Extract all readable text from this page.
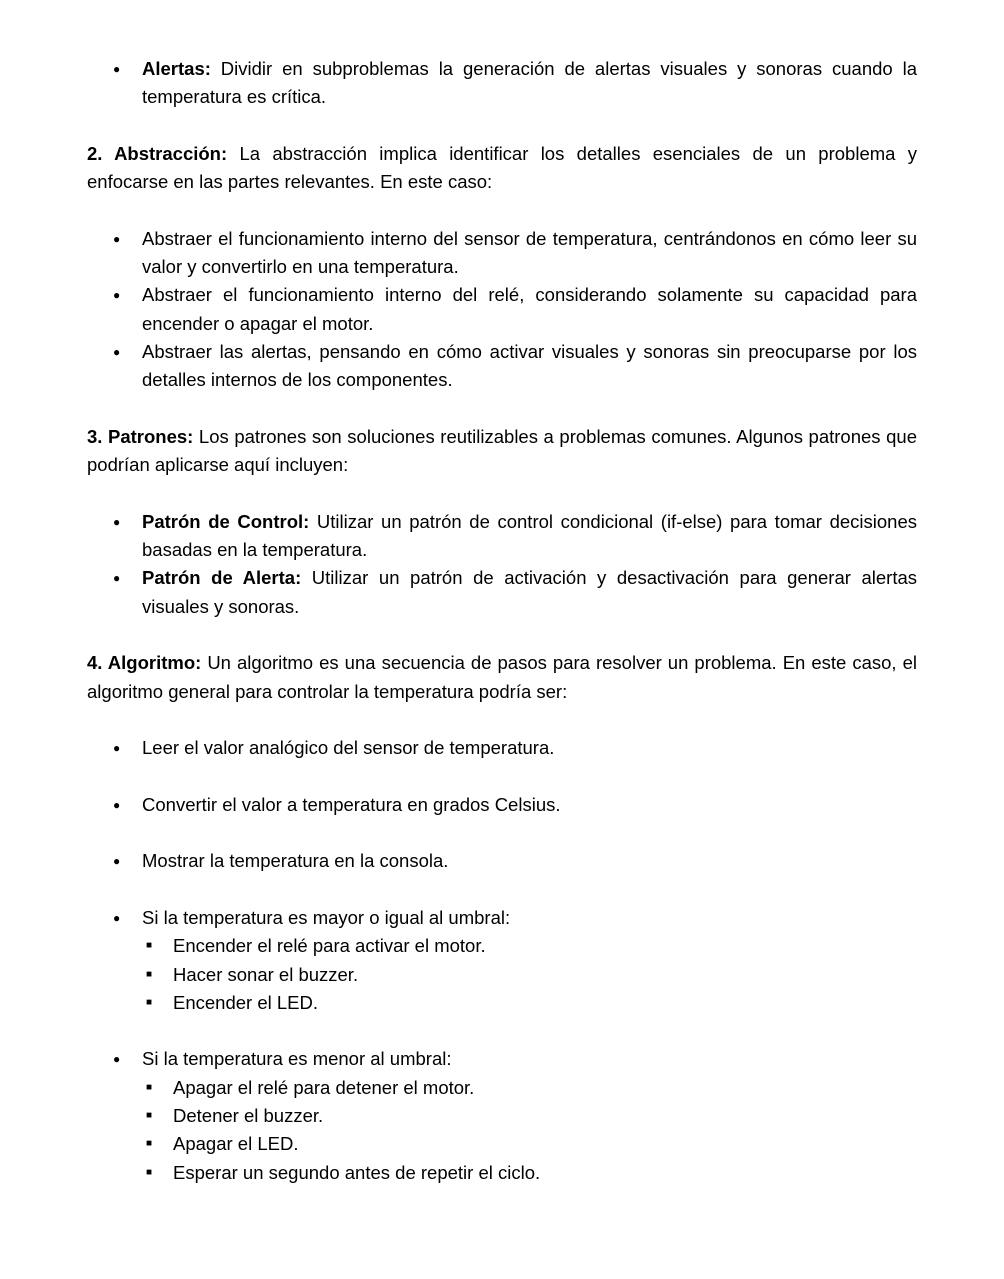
● Alertas: Dividir en subproblemas la generación de alertas visuales y sonoras cuando la temperatura es crítica.

2. Abstracción: La abstracción implica identificar los detalles esenciales de un problema y enfocarse en las partes relevantes. En este caso:

● Abstraer el funcionamiento interno del sensor de temperatura, centrándonos en cómo leer su valor y convertirlo en una temperatura.
● Abstraer el funcionamiento interno del relé, considerando solamente su capacidad para encender o apagar el motor.
● Abstraer las alertas, pensando en cómo activar visuales y sonoras sin preocuparse por los detalles internos de los componentes.

3. Patrones: Los patrones son soluciones reutilizables a problemas comunes. Algunos patrones que podrían aplicarse aquí incluyen:

● Patrón de Control: Utilizar un patrón de control condicional (if-else) para tomar decisiones basadas en la temperatura.
● Patrón de Alerta: Utilizar un patrón de activación y desactivación para generar alertas visuales y sonoras.

4. Algoritmo: Un algoritmo es una secuencia de pasos para resolver un problema. En este caso, el algoritmo general para controlar la temperatura podría ser:

● Leer el valor analógico del sensor de temperatura.
● Convertir el valor a temperatura en grados Celsius.
● Mostrar la temperatura en la consola.
● Si la temperatura es mayor o igual al umbral:
■ Encender el relé para activar el motor.
■ Hacer sonar el buzzer.
■ Encender el LED.
● Si la temperatura es menor al umbral:
■ Apagar el relé para detener el motor.
■ Detener el buzzer.
■ Apagar el LED.
■ Esperar un segundo antes de repetir el ciclo.
